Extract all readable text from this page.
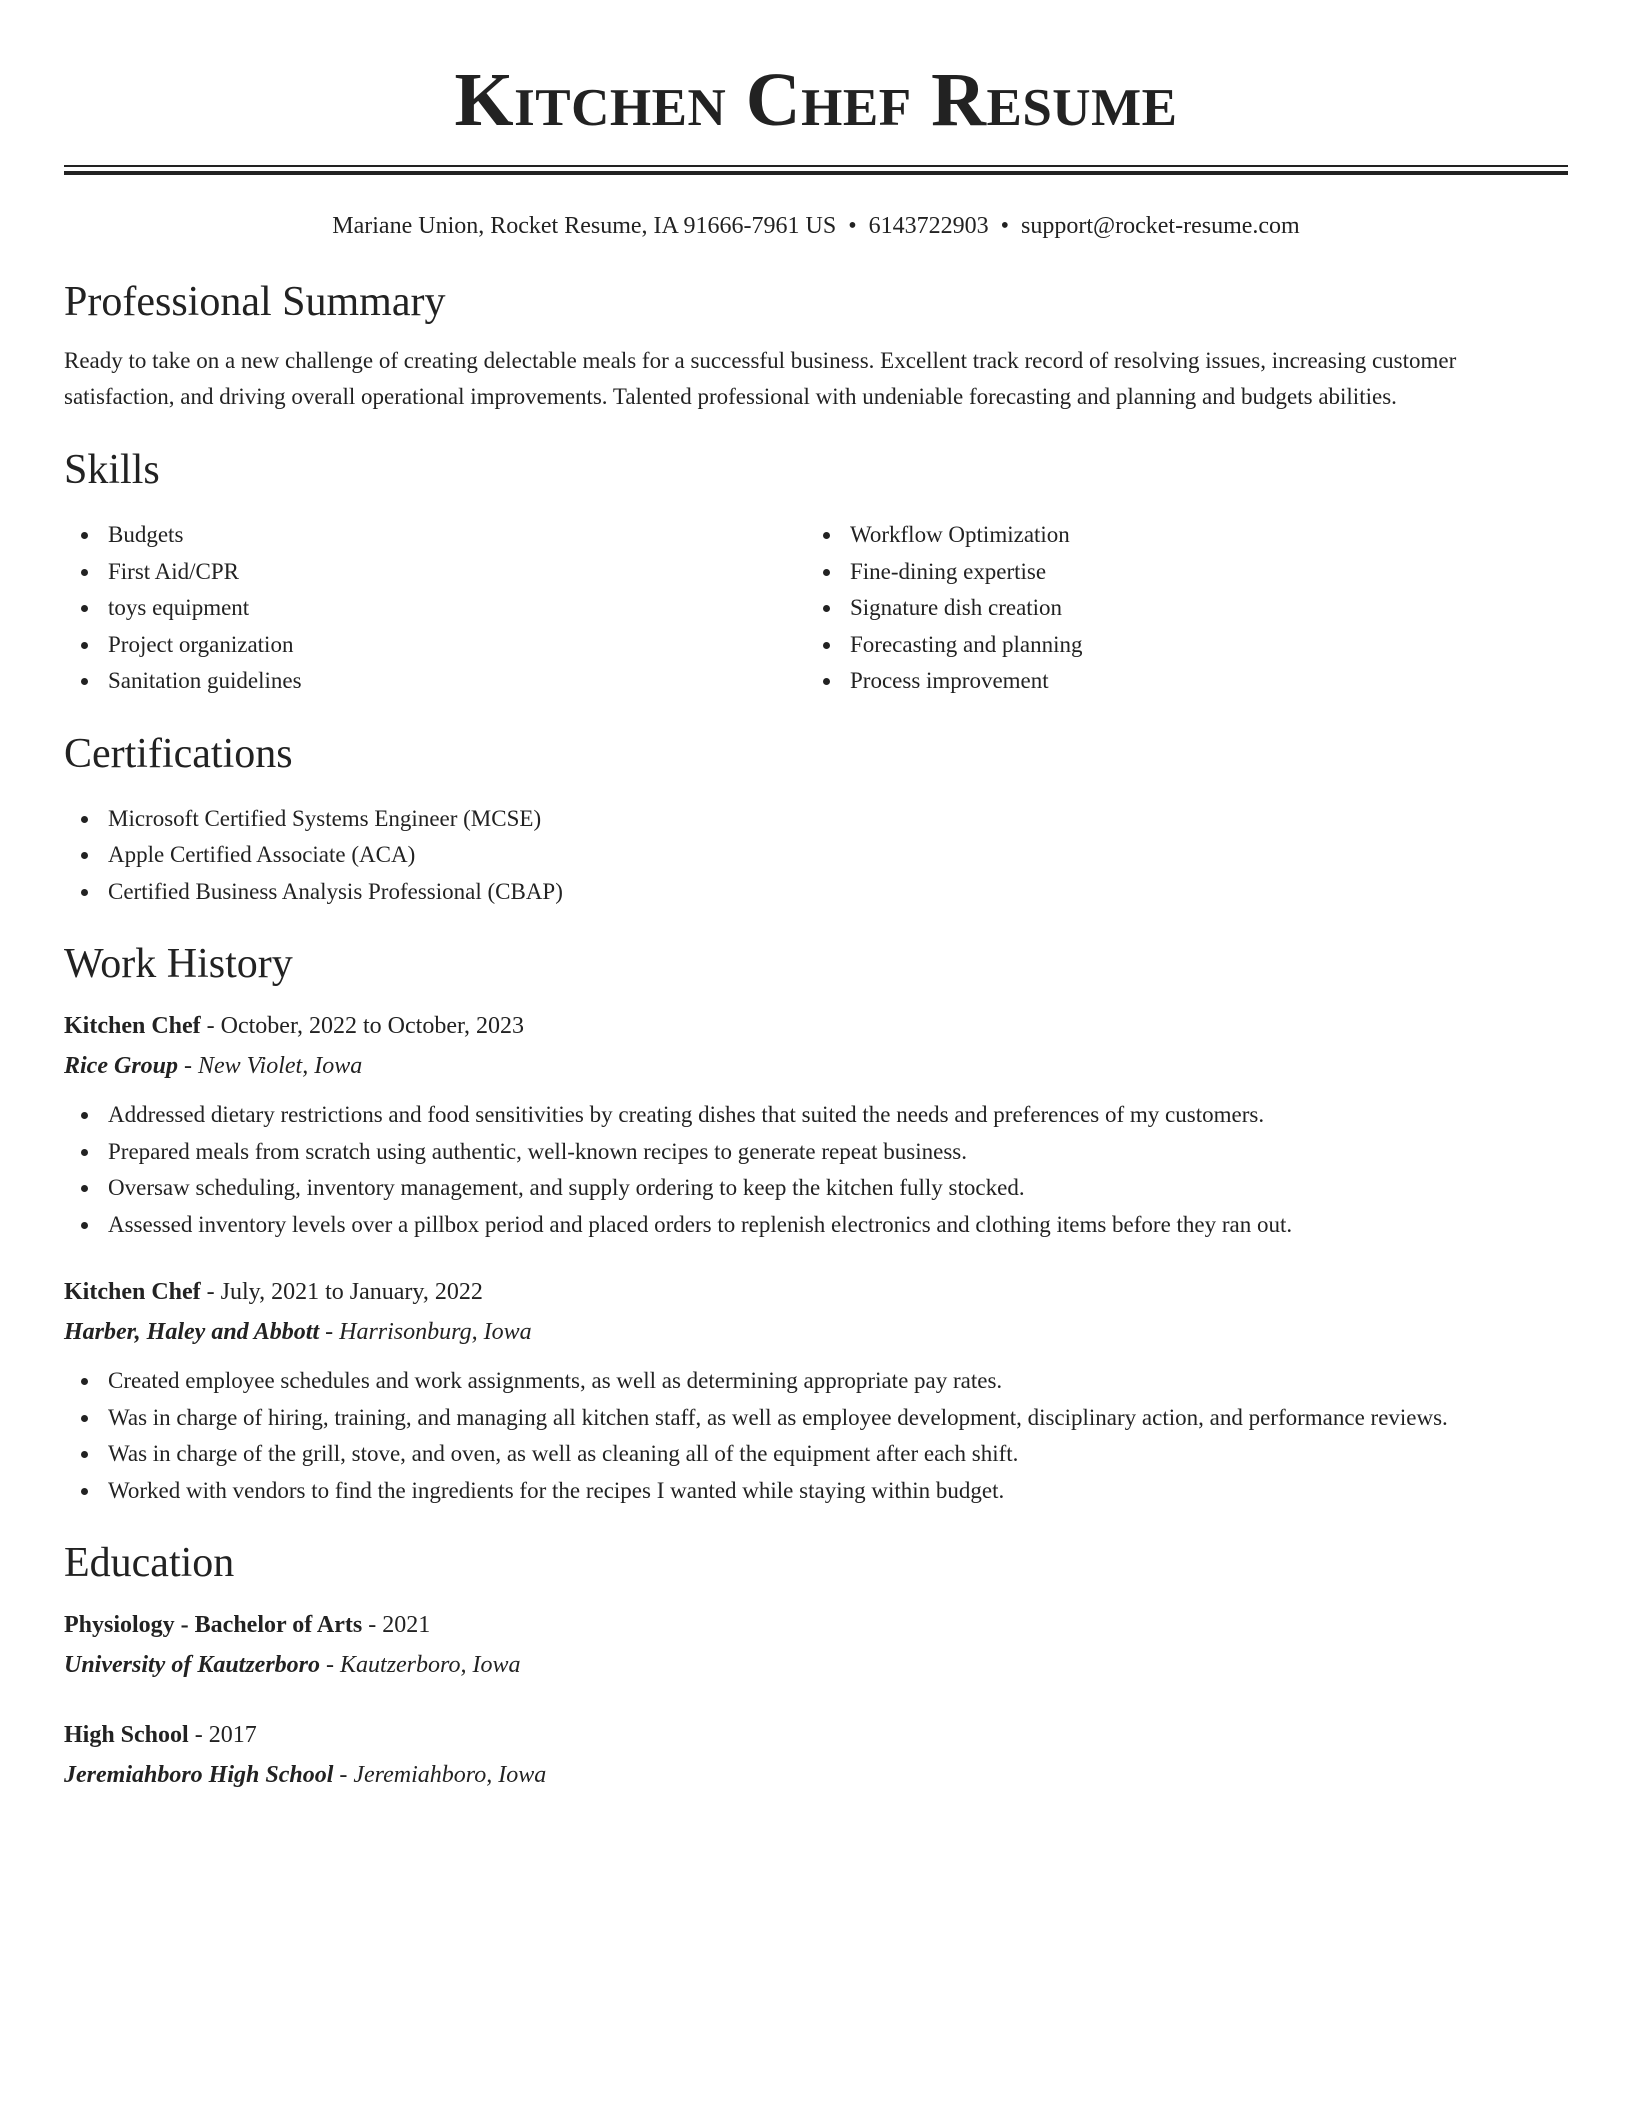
Kitchen Chef Resume
Mariane Union, Rocket Resume, IA 91666-7961 US • 6143722903 • support@rocket-resume.com
Professional Summary

Ready to take on a new challenge of creating delectable meals for a successful business. Excellent track record of resolving issues, increasing customer satisfaction, and driving overall operational improvements. Talented professional with undeniable forecasting and planning and budgets abilities.

Skills
Budgets
First Aid/CPR
toys equipment
Project organization
Sanitation guidelines
Workflow Optimization
Fine-dining expertise
Signature dish creation
Forecasting and planning
Process improvement
Certifications
Microsoft Certified Systems Engineer (MCSE)
Apple Certified Associate (ACA)
Certified Business Analysis Professional (CBAP)
Work History
Kitchen Chef - October, 2022 to October, 2023
Rice Group - New Violet, Iowa
Addressed dietary restrictions and food sensitivities by creating dishes that suited the needs and preferences of my customers.
Prepared meals from scratch using authentic, well-known recipes to generate repeat business.
Oversaw scheduling, inventory management, and supply ordering to keep the kitchen fully stocked.
Assessed inventory levels over a pillbox period and placed orders to replenish electronics and clothing items before they ran out.
Kitchen Chef - July, 2021 to January, 2022
Harber, Haley and Abbott - Harrisonburg, Iowa
Created employee schedules and work assignments, as well as determining appropriate pay rates.
Was in charge of hiring, training, and managing all kitchen staff, as well as employee development, disciplinary action, and performance reviews.
Was in charge of the grill, stove, and oven, as well as cleaning all of the equipment after each shift.
Worked with vendors to find the ingredients for the recipes I wanted while staying within budget.
Education
Physiology - Bachelor of Arts - 2021
University of Kautzerboro - Kautzerboro, Iowa
High School - 2017
Jeremiahboro High School - Jeremiahboro, Iowa
